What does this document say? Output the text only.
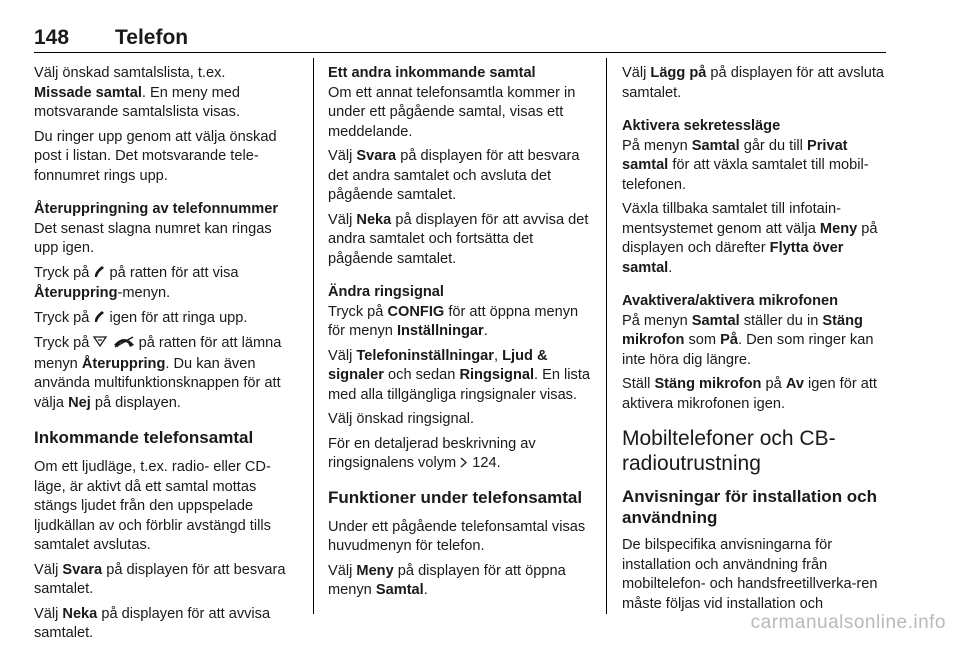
148 Telefon

Välj önskad samtalslista, t.ex.
Missade samtal. En meny med motsvarande samtalslista visas.

Du ringer upp genom att välja önskad post i listan. Det motsvarande tele-fonnumret rings upp.

Återuppringning av telefonnummer

Det senast slagna numret kan ringas upp igen.

Tryck på på ratten för att visa
Återuppring-menyn.

Tryck på igen för att ringa upp.

Tryck på	på ratten för att lämna menyn Återuppring. Du kan även använda multifunktionsknappen för att välja Nej på displayen.

Inkommande telefonsamtal

Om ett ljudläge, t.ex. radio- eller CD-läge, är aktivt då ett samtal mottas stängs ljudet från den uppspelade ljudkällan av och förblir avstängd tills samtalet avslutas.

Välj Svara på displayen för att besvara samtalet.

Välj Neka på displayen för att avvisa samtalet.

Ett andra inkommande samtal

Om ett annat telefonsamtla kommer in under ett pågående samtal, visas ett meddelande.

Välj Svara på displayen för att besvara det andra samtalet och avsluta det pågående samtalet.

Välj Neka på displayen för att avvisa det andra samtalet och fortsätta det pågående samtalet.

Ändra ringsignal

Tryck på CONFIG för att öppna menyn för menyn Inställningar.

Välj Telefoninställningar, Ljud & signaler och sedan Ringsignal. En lista med alla tillgängliga ringsignaler visas.

Välj önskad ringsignal.

För en detaljerad beskrivning av ringsignalens volym 124.

Funktioner under telefonsamtal

Under ett pågående telefonsamtal visas huvudmenyn för telefon.

Välj Meny på displayen för att öppna menyn Samtal.

Välj Lägg på på displayen för att avsluta samtalet.

Aktivera sekretessläge

På menyn Samtal går du till Privat samtal för att växla samtalet till mobil-telefonen.

Växla tillbaka samtalet till infotain-mentsystemet genom att välja Meny på displayen och därefter Flytta över samtal.

Avaktivera/aktivera mikrofonen

På menyn Samtal ställer du in Stäng mikrofon som På. Den som ringer kan inte höra dig längre.

Ställ Stäng mikrofon på Av igen för att aktivera mikrofonen igen.

Mobiltelefoner och CB-radioutrustning
Anvisningar för installation och användning

De bilspecifika anvisningarna för installation och användning från mobiltelefon- och handsfreetillverka-ren måste följas vid installation och

carmanualsonline.info
